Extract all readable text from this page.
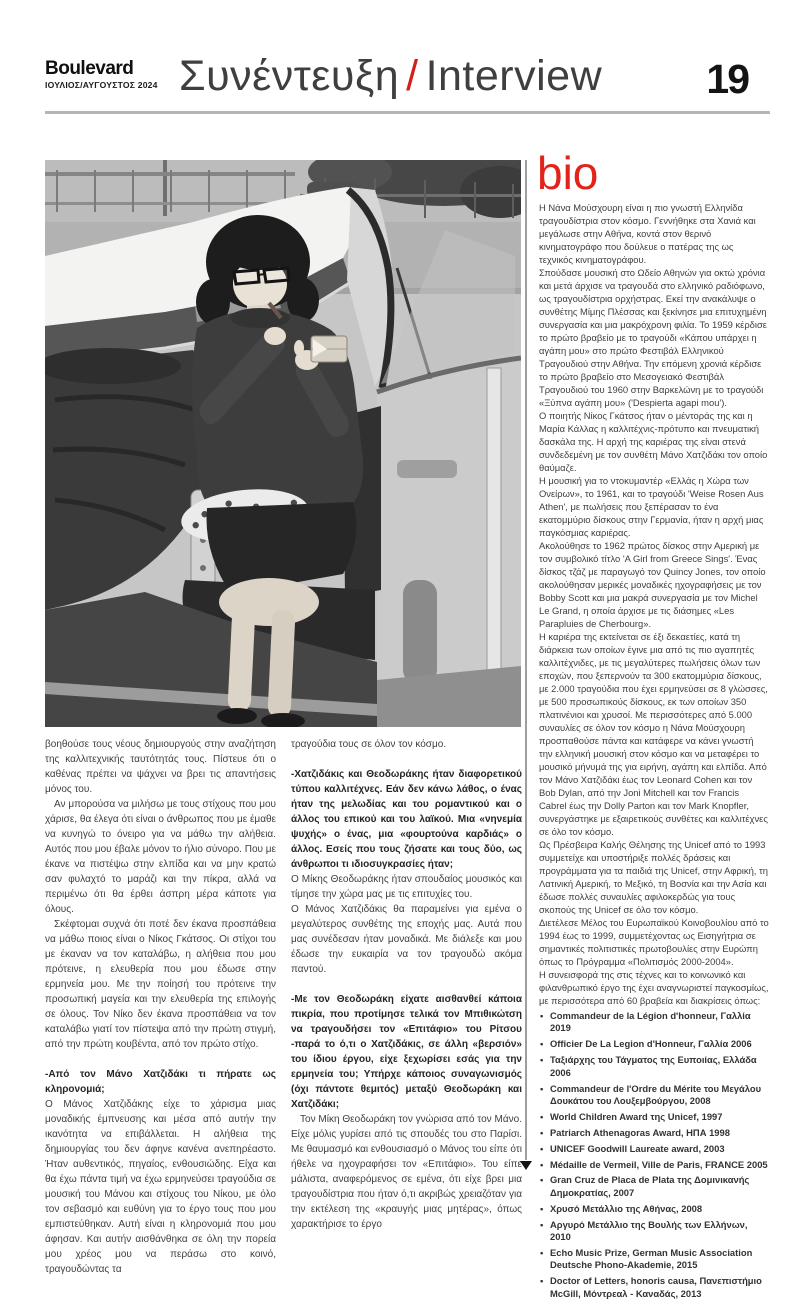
Boulevard
ΙΟΥΛΙΟΣ/ΑΥΓΟΥΣΤΟΣ 2024 Συνέντευξη / Interview	19

βοηθούσε τους νέους δημιουργούς στην αναζήτηση της καλλιτεχνικής ταυτότητάς τους. Πίστευε ότι ο καθένας πρέπει να ψάχνει να βρει τις απαντήσεις μόνος του.

Αν μπορούσα να μιλήσω με τους στίχους που μου χάρισε, θα έλεγα ότι είναι ο άνθρωπος που με έμαθε να κυνηγώ το όνειρο για να μάθω την αλήθεια. Αυτός που μου έβαλε μόνον το ήλιο σύνορο. Που με έκανε να πιστέψω στην ελπίδα και να μην κρατώ σαν φυλαχτό το μαράζι και την πίκρα, αλλά να περιμένω ότι θα έρθει άσπρη μέρα κάποτε για όλους.

Σκέφτομαι συχνά ότι ποτέ δεν έκανα προσπάθεια να μάθω ποιος είναι ο Νίκος Γκάτσος. Οι στίχοι του με έκαναν να τον καταλάβω, η αλήθεια που μου πρότεινε, η ελευθερία που μου έδωσε στην ερμηνεία μου. Με την ποίησή του πρότεινε την προσωπική μαγεία και την ελευθερία της επιλογής σε όλους. Τον Νίκο δεν έκανα προσπάθεια να τον καταλάβω γιατί τον πίστεψα από την πρώτη στιγμή, από την πρώτη κουβέντα, από τον πρώτο στίχο.

-Από τον Μάνο Χατζιδάκι τι πήρατε ως κληρονομιά;

Ο Μάνος Χατζιδάκης είχε το χάρισμα μιας μοναδικής έμπνευσης και μέσα από αυτήν την ικανότητα να επιβάλλεται. Η αλήθεια της δημιουργίας του δεν άφηνε κανένα ανεπηρέαστο. Ήταν αυθεντικός, πηγαίος, ενθουσιώδης. Είχα και θα έχω πάντα τιμή να έχω ερμηνεύσει τραγούδια σε μουσική του Μάνου και στίχους του Νίκου, με όλο τον σεβασμό και ευθύνη για το έργο τους που μου εμπιστεύθηκαν. Αυτή είναι η κληρονομιά που μου άφησαν. Και αυτήν αισθάνθηκα σε όλη την πορεία μου χρέος μου να περάσω στο κοινό, τραγουδώντας τα

τραγούδια τους σε όλον τον κόσμο.

-Χατζιδάκις και Θεοδωράκης ήταν διαφορετικού τύπου καλλιτέχνες. Εάν δεν κάνω λάθος, ο ένας ήταν της μελωδίας και του ρομαντικού και ο άλλος του επικού και του λαϊκού. Μια «νηνεμία ψυχής» ο ένας, μια «φουρτούνα καρδιάς» ο άλλος. Εσείς που τους ζήσατε και τους δύο, ως άνθρωποι τι ιδιοσυγκρασίες ήταν;

Ο Μίκης Θεοδωράκης ήταν σπουδαίος μουσικός και τίμησε την χώρα μας με τις επιτυχίες του.

Ο Μάνος Χατζιδάκις θα παραμείνει για εμένα ο μεγαλύτερος συνθέτης της εποχής μας. Αυτά που μας συνέδεσαν ήταν μοναδικά. Με διάλεξε και μου έδωσε την ευκαιρία να τον τραγουδώ ακόμα παντού.

-Με τον Θεοδωράκη είχατε αισθανθεί κάποια πικρία, που προτίμησε τελικά τον Μπιθικώτση να τραγουδήσει τον «Επιτάφιο» του Ρίτσου -παρά το ό,τι ο Χατζιδάκις, σε άλλη «βερσιόν» του ίδιου έργου, είχε ξεχωρίσει εσάς για την ερμηνεία του; Υπήρχε κάποιος συναγωνισμός (όχι πάντοτε θεμιτός) μεταξύ Θεοδωράκη και Χατζιδάκι;

Τον Μίκη Θεοδωράκη τον γνώρισα από τον Μάνο. Είχε μόλις γυρίσει από τις σπουδές του στο Παρίσι. Με θαυμασμό και ενθουσιασμό ο Μάνος του είπε ότι ήθελε να ηχογραφήσει τον «Επιτάφιο». Του είπε μάλιστα, αναφερόμενος σε εμένα, ότι είχε βρει μια τραγουδίστρια που ήταν ό,τι ακριβώς χρειαζόταν για την εκτέλεση της «κραυγής μιας μητέρας», όπως χαρακτήρισε το έργο

bio

Η Νάνα Μούσχουρη είναι η πιο γνωστή Ελληνίδα τραγουδίστρια στον κόσμο. Γεννήθηκε στα Χανιά και μεγάλωσε στην Αθήνα, κοντά στον θερινό κινηματογράφο που δούλευε ο πατέρας της ως τεχνικός κινηματογράφου.

Σπούδασε μουσική στο Ωδείο Αθηνών για οκτώ χρόνια και μετά άρχισε να τραγουδά στο ελληνικό ραδιόφωνο, ως τραγουδίστρια ορχήστρας. Εκεί την ανακάλυψε ο συνθέτης Μίμης Πλέσσας και ξεκίνησε μια επιτυχημένη συνεργασία και μια μακρόχρονη φιλία. Το 1959 κέρδισε το πρώτο βραβείο με το τραγούδι «Κάπου υπάρχει η αγάπη μου» στο πρώτο Φεστιβάλ Ελληνικού Τραγουδιού στην Αθήνα. Την επόμενη χρονιά κέρδισε το πρώτο βραβείο στο Μεσογειακό Φεστιβάλ Τραγουδιού του 1960 στην Βαρκελώνη με το τραγούδι «Ξύπνα αγάπη μου» ('Despierta agapi mou').

Ο ποιητής Νίκος Γκάτσος ήταν ο μέντοράς της και η Μαρία Κάλλας η καλλιτέχνις-πρότυπο και πνευματική δασκάλα της. Η αρχή της καριέρας της είναι στενά συνδεδεμένη με τον συνθέτη Μάνο Χατζιδάκι τον οποίο θαύμαζε.

Η μουσική για το ντοκυμαντέρ «Ελλάς η Χώρα των Ονείρων», το 1961, και το τραγούδι 'Weise Rosen Aus Athen', με πωλήσεις που ξεπέρασαν το ένα εκατομμύριο δίσκους στην Γερμανία, ήταν η αρχή μιας παγκόσμιας καριέρας.

Ακολούθησε το 1962 πρώτος δίσκος στην Αμερική με τον συμβολικό τίτλο 'A Girl from Greece Sings'. Ένας δίσκος τζάζ με παραγωγό τον Quincy Jones, τον οποίο ακολούθησαν μερικές μοναδικές ηχογραφήσεις με τον Bobby Scott και μια μακρά συνεργασία με τον Michel Le Grand, η οποία άρχισε με τις διάσημες «Les Parapluies de Cherbourg».

Η καριέρα της εκτείνεται σε έξι δεκαετίες, κατά τη διάρκεια των οποίων έγινε μια από τις πιο αγαπητές καλλιτέχνιδες, με τις μεγαλύτερες πωλήσεις όλων των εποχών, που ξεπερνούν τα 300 εκατομμύρια δίσκους, με 2.000 τραγούδια που έχει ερμηνεύσει σε 8 γλώσσες, με 500 προσωπικούς δίσκους, εκ των οποίων 350 πλατινένιοι και χρυσοί. Με περισσότερες από 5.000 συναυλίες σε όλον τον κόσμο η Νάνα Μούσχουρη προσπαθούσε πάντα και κατάφερε να κάνει γνωστή την ελληνική μουσική στον κόσμο και να μεταφέρει το μουσικό μήνυμά της για ειρήνη, αγάπη και ελπίδα. Από τον Μάνο Χατζιδάκι έως τον Leonard Cohen και τον Bob Dylan, από την Joni Mitchell και τον Francis Cabrel έως την Dolly Parton και τον Mark Knopfler, συνεργάστηκε με εξαιρετικούς συνθέτες και καλλιτέχνες σε όλο τον κόσμο.

Ως Πρέσβειρα Καλής Θέλησης της Unicef από το 1993 συμμετείχε και υποστήριξε πολλές δράσεις και προγράμματα για τα παιδιά της Unicef, στην Αφρική, τη Λατινική Αμερική, το Μεξικό, τη Βοσνία και την Ασία και έδωσε πολλές συναυλίες αφιλοκερδώς για τους σκοπούς της Unicef σε όλο τον κόσμο.

Διετέλεσε Μέλος του Ευρωπαϊκού Κοινοβουλίου από το 1994 έως το 1999, συμμετέχοντας ως Εισηγήτρια σε σημαντικές πολιτιστικές πρωτοβουλίες στην Ευρώπη όπως το Πρόγραμμα «Πολιτισμός 2000-2004».

Η συνεισφορά της στις τέχνες και το κοινωνικό και φιλανθρωπικό έργο της έχει αναγνωριστεί παγκοσμίως, με περισσότερα από 60 βραβεία και διακρίσεις όπως:

• Commandeur de la Légion d'honneur, Γαλλία 2019
• Officier De La Legion d'Honneur, Γαλλία 2006
• Ταξιάρχης του Τάγματος της Ευποιίας, Ελλάδα 2006
• Commandeur de l'Ordre du Mérite του Μεγάλου Δουκάτου του Λουξεμβούργου, 2008
• World Children Award της Unicef, 1997
• Patriarch Athenagoras Award, ΗΠΑ 1998
• UNICEF Goodwill Laureate award, 2003
• Médaille de Vermeil, Ville de Paris, FRANCE 2005
• Gran Cruz de Placa de Plata της Δομινικανής Δημοκρατίας, 2007
• Χρυσό Μετάλλιο της Αθήνας, 2008
• Αργυρό Μετάλλιο της Βουλής των Ελλήνων, 2010
• Echo Music Prize, German Music Association Deutsche Phono-Akademie, 2015
• Doctor of Letters, honoris causa, Πανεπιστήμιο McGill, Μόντρεαλ - Καναδάς, 2013
